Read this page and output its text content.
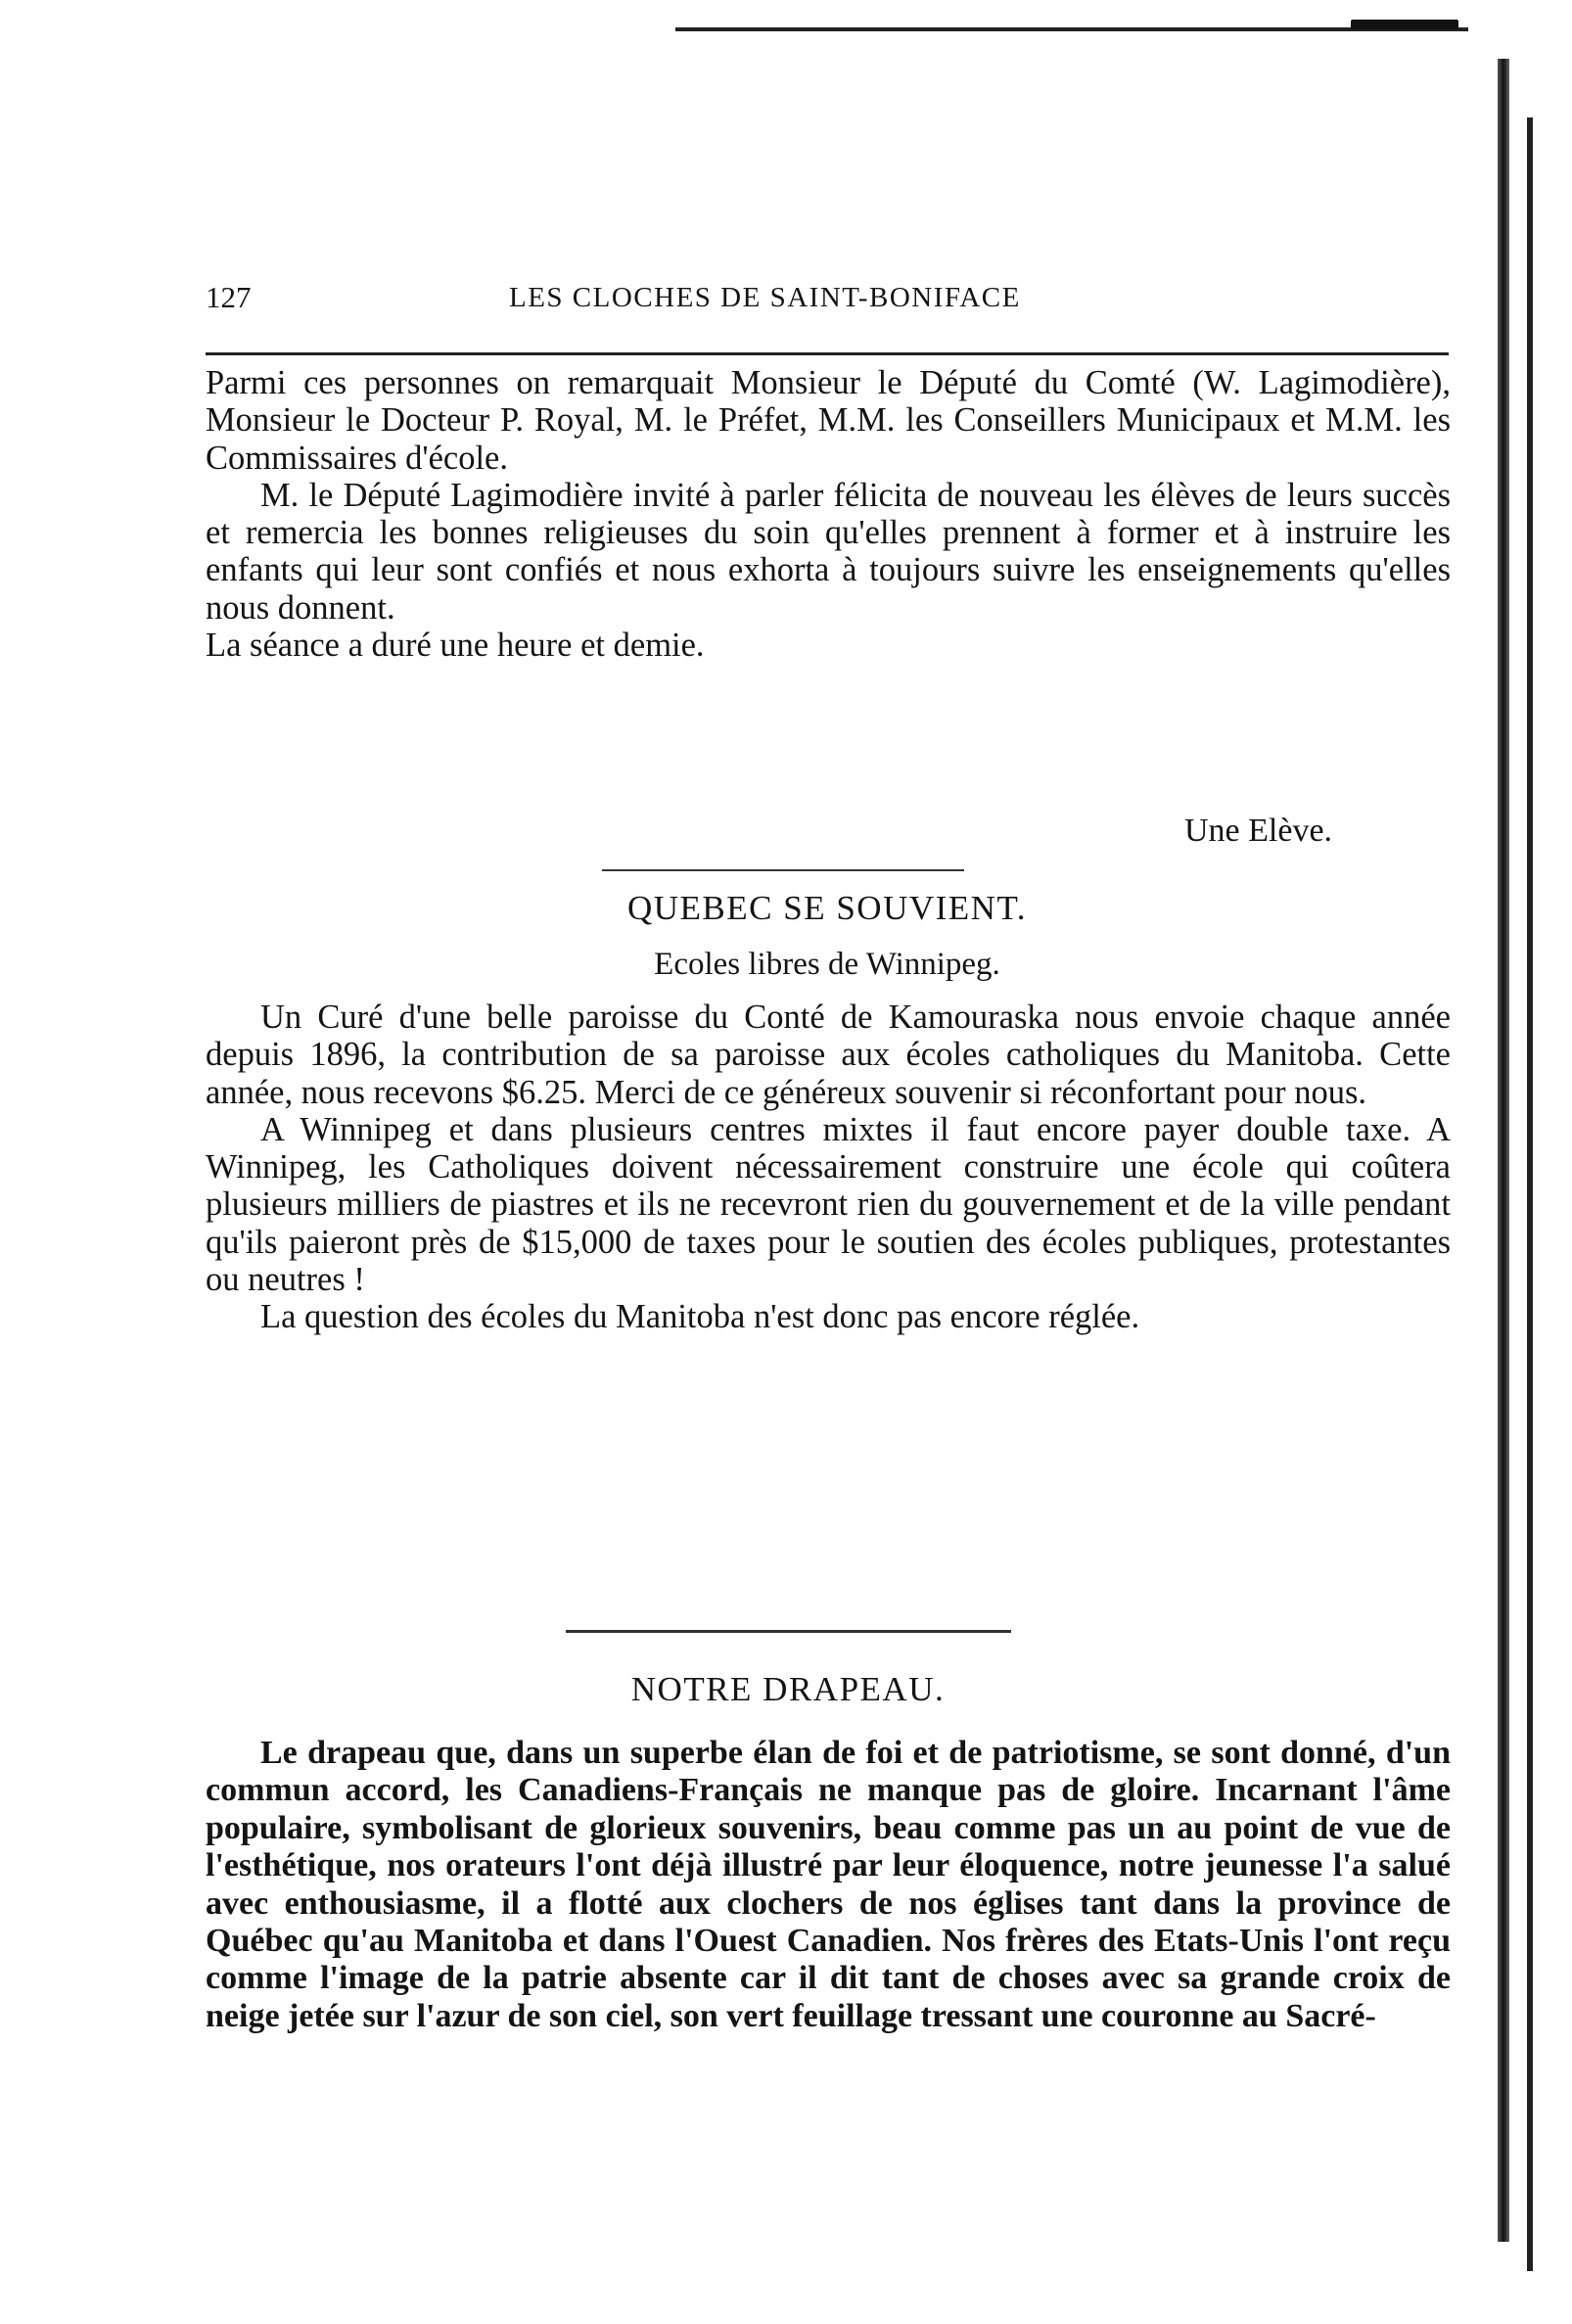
127	LES CLOCHES DE SAINT-BONIFACE

Parmi ces personnes on remarquait Monsieur le Député du Comté (W. Lagimodière), Monsieur le Docteur P. Royal, M. le Préfet, M.M. les Conseillers Municipaux et M.M. les Commissaires d'école.

M. le Député Lagimodière invité à parler félicita de nouveau les élèves de leurs succès et remercia les bonnes religieuses du soin qu'elles prennent à former et à instruire les enfants qui leur sont confiés et nous exhorta à toujours suivre les enseignements qu'elles nous donnent.

La séance a duré une heure et demie.

Une Elève.
QUEBEC SE SOUVIENT.
Ecoles libres de Winnipeg.

Un Curé d'une belle paroisse du Conté de Kamouraska nous envoie chaque année depuis 1896, la contribution de sa paroisse aux écoles catholiques du Manitoba. Cette année, nous recevons $6.25. Merci de ce généreux souvenir si réconfortant pour nous.

A Winnipeg et dans plusieurs centres mixtes il faut encore payer double taxe. A Winnipeg, les Catholiques doivent nécessairement construire une école qui coûtera plusieurs milliers de piastres et ils ne recevront rien du gouvernement et de la ville pendant qu'ils paieront près de $15,000 de taxes pour le soutien des écoles publiques, protestantes ou neutres !

La question des écoles du Manitoba n'est donc pas encore réglée.

NOTRE DRAPEAU.

Le drapeau que, dans un superbe élan de foi et de patriotisme, se sont donné, d'un commun accord, les Canadiens-Français ne manque pas de gloire. Incarnant l'âme populaire, symbolisant de glorieux souvenirs, beau comme pas un au point de vue de l'esthétique, nos orateurs l'ont déjà illustré par leur éloquence, notre jeunesse l'a salué avec enthousiasme, il a flotté aux clochers de nos églises tant dans la province de Québec qu'au Manitoba et dans l'Ouest Canadien. Nos frères des Etats-Unis l'ont reçu comme l'image de la patrie absente car il dit tant de choses avec sa grande croix de neige jetée sur l'azur de son ciel, son vert feuillage tressant une couronne au Sacré-
